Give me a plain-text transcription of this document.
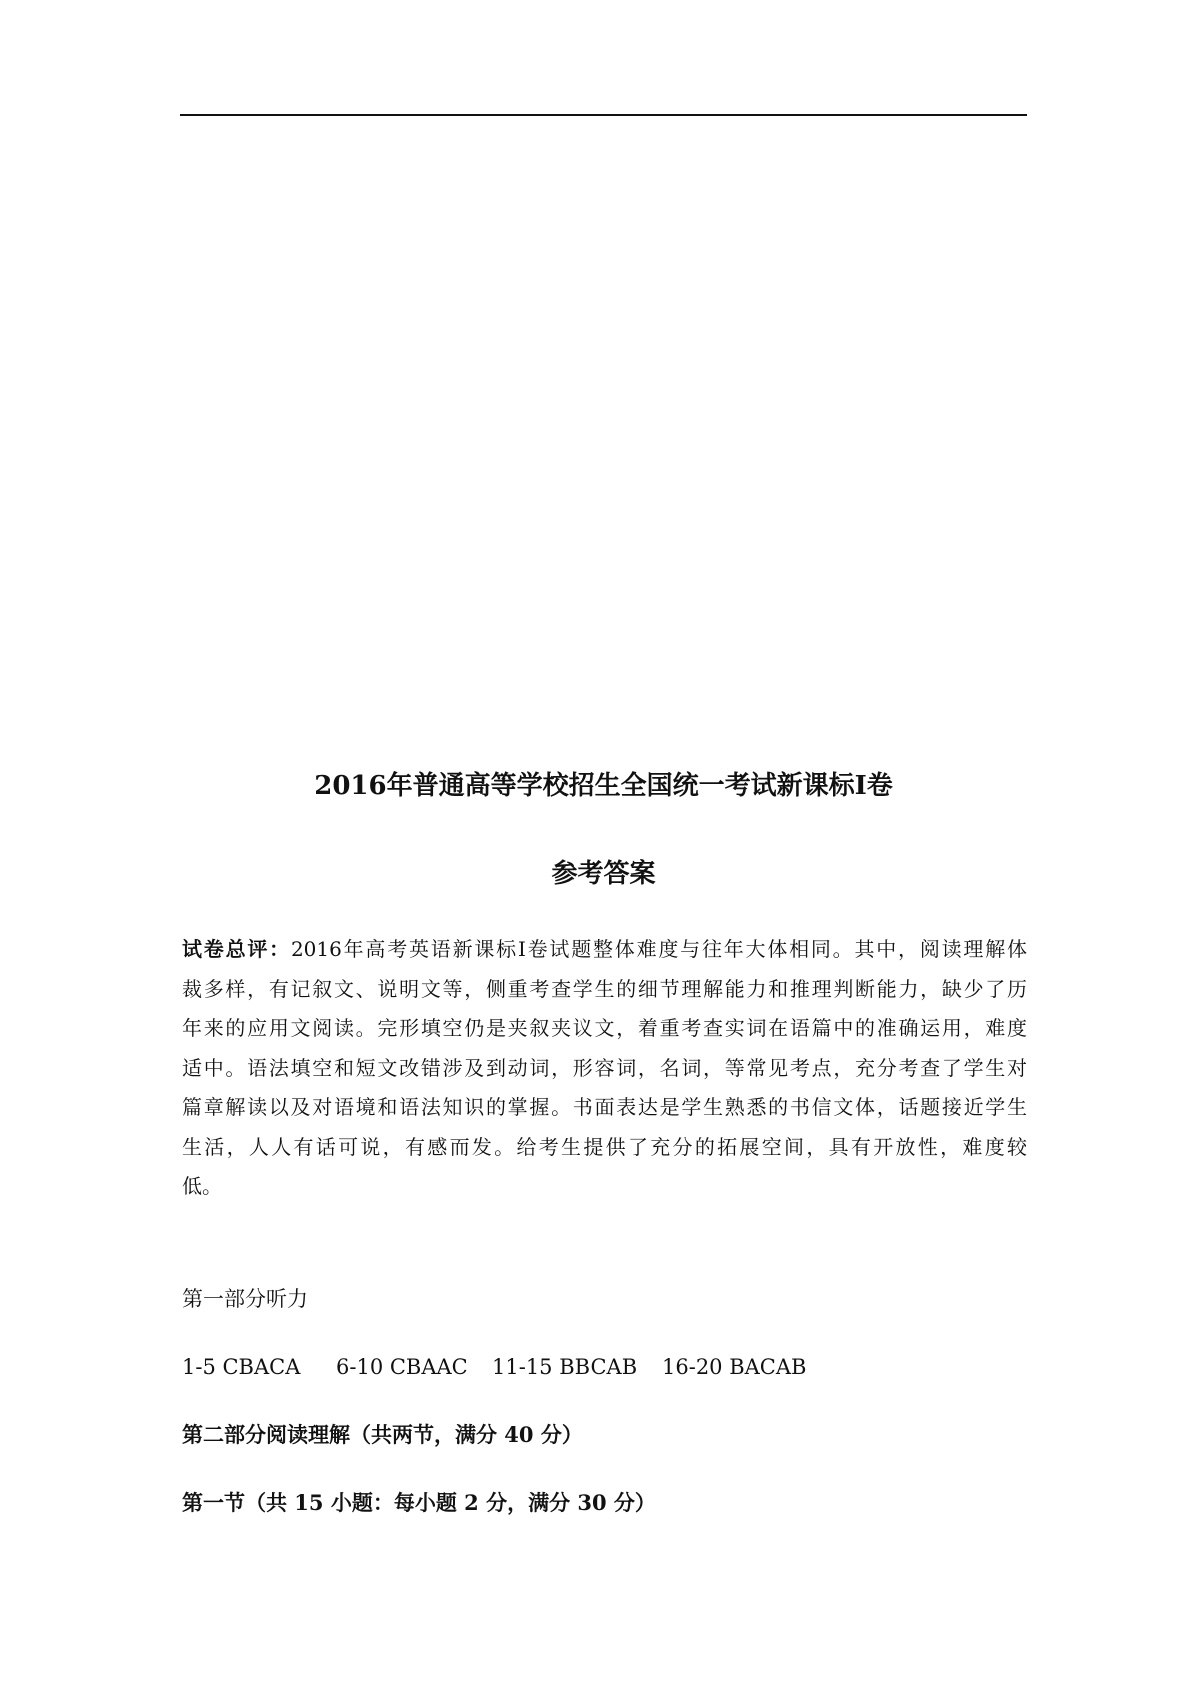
2016年普通高等学校招生全国统一考试新课标I卷
参考答案
试卷总评：2016年高考英语新课标I卷试题整体难度与往年大体相同。其中，阅读理解体
裁多样，有记叙文、说明文等，侧重考查学生的细节理解能力和推理判断能力，缺少了历
年来的应用文阅读。完形填空仍是夹叙夹议文，着重考查实词在语篇中的准确运用，难度
适中。语法填空和短文改错涉及到动词，形容词，名词，等常见考点，充分考查了学生对
篇章解读以及对语境和语法知识的掌握。书面表达是学生熟悉的书信文体，话题接近学生
生活，人人有话可说，有感而发。给考生提供了充分的拓展空间，具有开放性，难度较
低。
第一部分听力
1-5 CBACA 6-10 CBAAC 11-15 BBCAB 16-20 BACAB
第二部分阅读理解（共两节，满分 40 分）
第一节（共 15 小题：每小题 2 分，满分 30 分）
